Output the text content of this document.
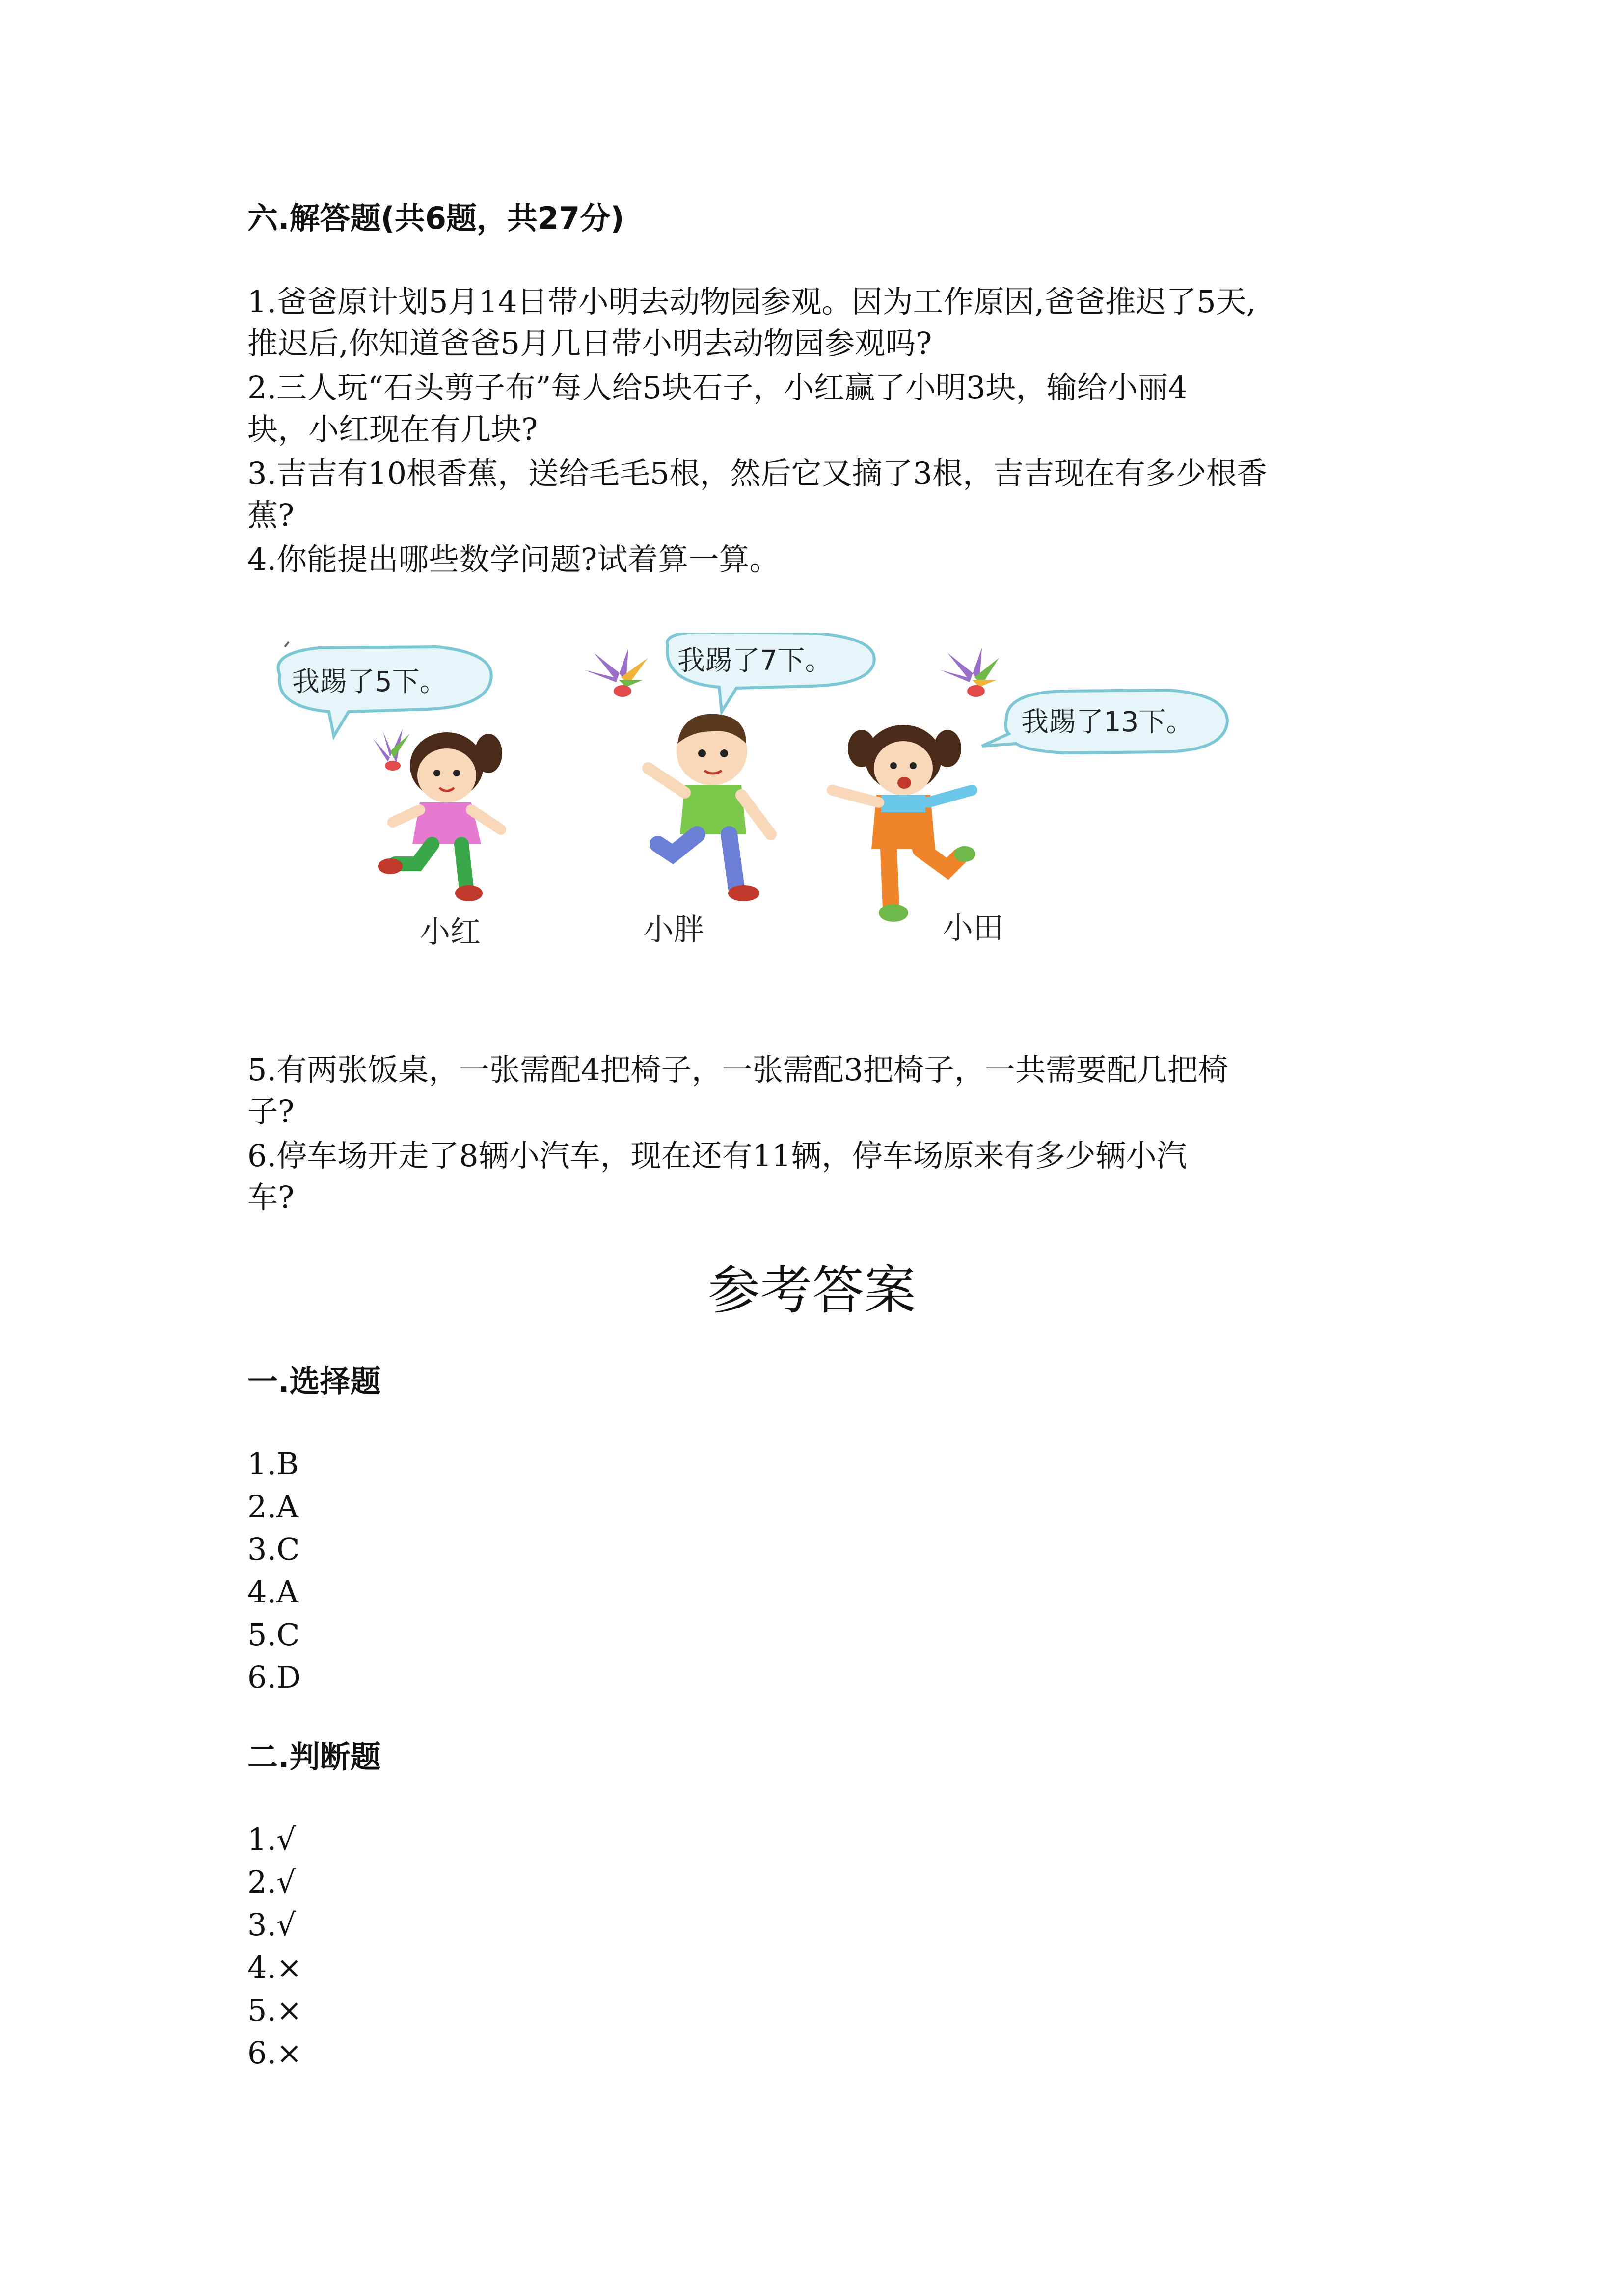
六.解答题(共6题，共27分)
1.爸爸原计划5月14日带小明去动物园参观。因为工作原因,爸爸推迟了5天,
推迟后,你知道爸爸5月几日带小明去动物园参观吗?
2.三人玩“石头剪子布”每人给5块石子，小红赢了小明3块，输给小丽4
块，小红现在有几块?
3.吉吉有10根香蕉，送给毛毛5根，然后它又摘了3根，吉吉现在有多少根香
蕉?
4.你能提出哪些数学问题?试着算一算。
我踢了5下。
我踢了7下。
我踢了13下。
小红	小胖	小田
5.有两张饭桌，一张需配4把椅子，一张需配3把椅子，一共需要配几把椅
子?
6.停车场开走了8辆小汽车，现在还有11辆，停车场原来有多少辆小汽
车?
参考答案
一.选择题
1.B
2.A
3.C
4.A
5.C
6.D
二.判断题
1.√
2.√
3.√
4.×
5.×
6.×
